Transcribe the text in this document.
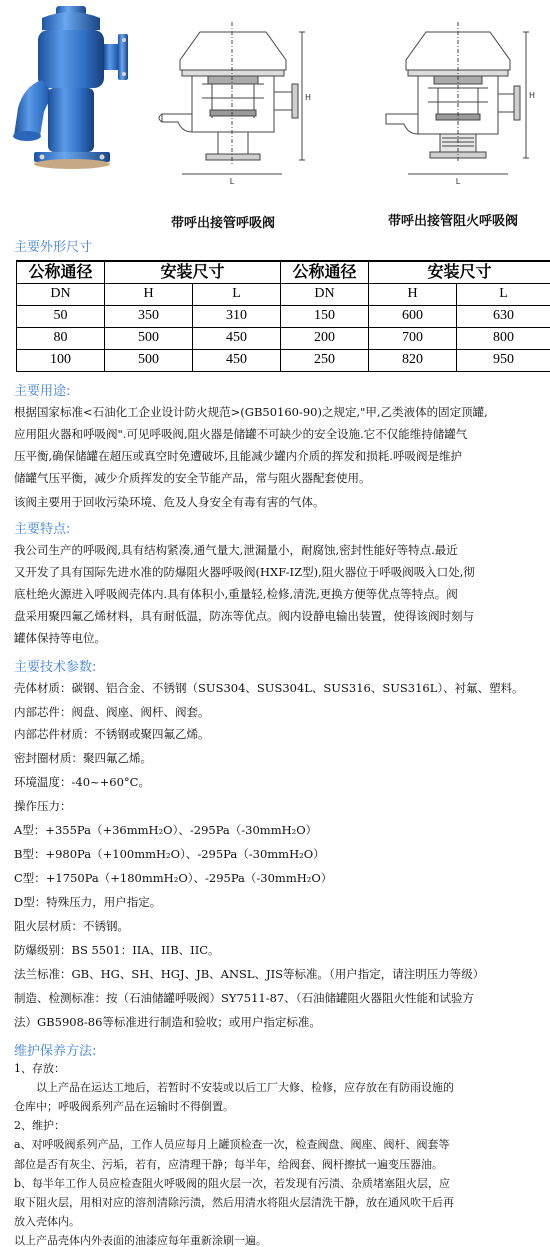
H
L
H
L
带呼出接管呼吸阀	带呼出接管阻火呼吸阀
主要外形尺寸
公称通径	安装尺寸		公称通径	安装尺寸	
DN	H	L	DN	H	L
50	350	310	150	600	630
80	500	450	200	700	800
100	500	450	250	820	950
主要用途:
根据国家标准<石油化工企业设计防火规范>(GB50160-90)之规定,"甲,乙类液体的固定顶罐,
应用阻火器和呼吸阀".可见呼吸阀,阻火器是储罐不可缺少的安全设施.它不仅能维持储罐气
压平衡,确保储罐在超压或真空时免遭破坏,且能减少罐内介质的挥发和损耗.呼吸阀是维护
储罐气压平衡，减少介质挥发的安全节能产品，常与阻火器配套使用。
该阀主要用于回收污染环境、危及人身安全有毒有害的气体。
主要特点:
我公司生产的呼吸阀,具有结构紧凑,通气量大,泄漏量小，耐腐蚀,密封性能好等特点.最近
又开发了具有国际先进水准的防爆阻火器呼吸阀(HXF-IZ型),阻火器位于呼吸阀吸入口处,彻
底杜绝火源进入呼吸阀壳体内.具有体积小,重量轻,检修,清洗,更换方便等优点等特点。阀
盘采用聚四氟乙烯材料，具有耐低温，防冻等优点。阀内设静电输出装置，使得该阀时刻与
罐体保持等电位。
主要技术参数:
壳体材质：碳钢、铝合金、不锈钢（SUS304、SUS304L、SUS316、SUS316L）、衬氟、塑料。
内部芯件：阀盘、阀座、阀杆、阀套。
内部芯件材质：不锈钢或聚四氟乙烯。
密封圈材质：聚四氟乙烯。
环境温度：-40~+60°C。
操作压力：
A型：+355Pa（+36mmH₂O）、-295Pa（-30mmH₂O）
B型：+980Pa（+100mmH₂O）、-295Pa（-30mmH₂O）
C型：+1750Pa（+180mmH₂O）、-295Pa（-30mmH₂O）
D型：特殊压力，用户指定。
阻火层材质：不锈钢。
防爆级别：BS 5501：IIA、IIB、IIC。
法兰标准：GB、HG、SH、HGJ、JB、ANSL、JIS等标准。（用户指定，请注明压力等级）
制造、检测标准：按（石油储罐呼吸阀）SY7511-87、（石油储罐阻火器阻火性能和试验方
法）GB5908-86等标准进行制造和验收；或用户指定标准。
维护保养方法:
1、存放：
以上产品在运达工地后，若暂时不安装或以后工厂大修、检修，应存放在有防雨设施的
仓库中；呼吸阀系列产品在运输时不得倒置。
2、维护：
a、对呼吸阀系列产品，工作人员应每月上罐顶检查一次，检查阀盘、阀座、阀杆、阀套等
部位是否有灰尘、污垢，若有，应清理干静；每半年，给阀套、阀杆擦拭一遍变压器油。
b、每半年工作人员应检查阻火呼吸阀的阻火层一次，若发现有污渍、杂质堵塞阻火层，应
取下阻火层，用相对应的溶剂清除污渍，然后用清水将阻火层清洗干静，放在通风吹干后再
放入壳体内。
以上产品壳体内外表面的油漆应每年重新涂刷一遍。
